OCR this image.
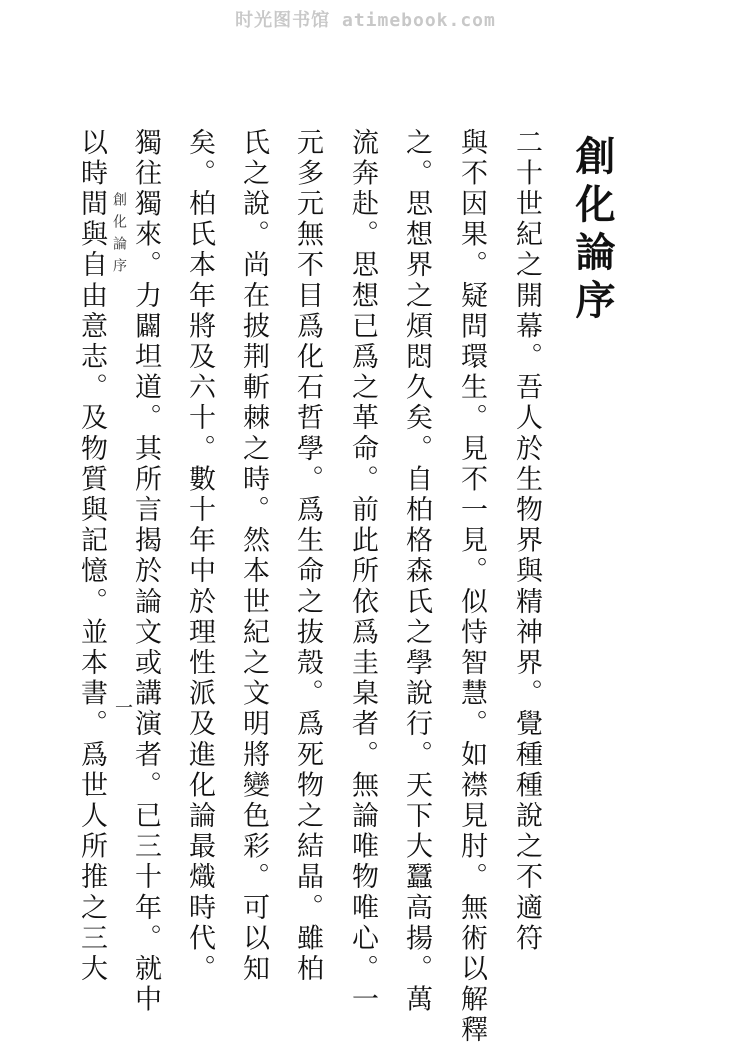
时光图书馆 atimebook.com
創化論序
二十世紀之開幕。吾人於生物界與精神界。覺種種說之不適符
與不因果。疑問環生。見不一見。似恃智慧。如襟見肘。無術以解釋
之。思想界之煩悶久矣。自柏格森氏之學說行。天下大蠶高揚。萬
流奔赴。思想已爲之革命。前此所依爲圭臬者。無論唯物唯心。一
元多元無不目爲化石哲學。爲生命之抜殼。爲死物之結晶。雖柏
氏之說。尚在披荆斬棘之時。然本世紀之文明將變色彩。可以知
矣。柏氏本年將及六十。數十年中於理性派及進化論最熾時代。
獨往獨來。力闢坦道。其所言揭於論文或講演者。已三十年。就中
以時間與自由意志。及物質與記憶。並本書。爲世人所推之三大 創化論序
一
